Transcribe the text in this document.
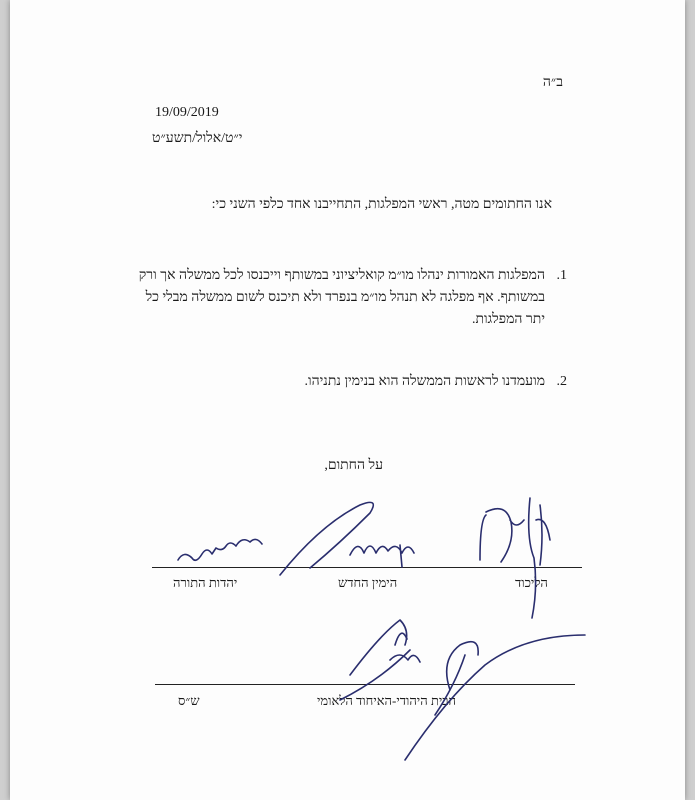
ב״ה
19/09/2019
י״ט/אלול/תשע״ט
אנו החתומים מטה, ראשי המפלגות, התחייבנו אחד כלפי השני כי:
1.
המפלגות האמורות ינהלו מו״מ קואליציוני במשותף וייכנסו לכל ממשלה אך ורק במשותף. אף מפלגה לא תנהל מו״מ בנפרד ולא תיכנס לשום ממשלה מבלי כל יתר המפלגות.
2.
מועמדנו לראשות הממשלה הוא בנימין נתניהו.
על החתום,
יהדות התורה	הימין החדש	הליכוד
ש״ס	הבית היהודי-האיחוד הלאומי
